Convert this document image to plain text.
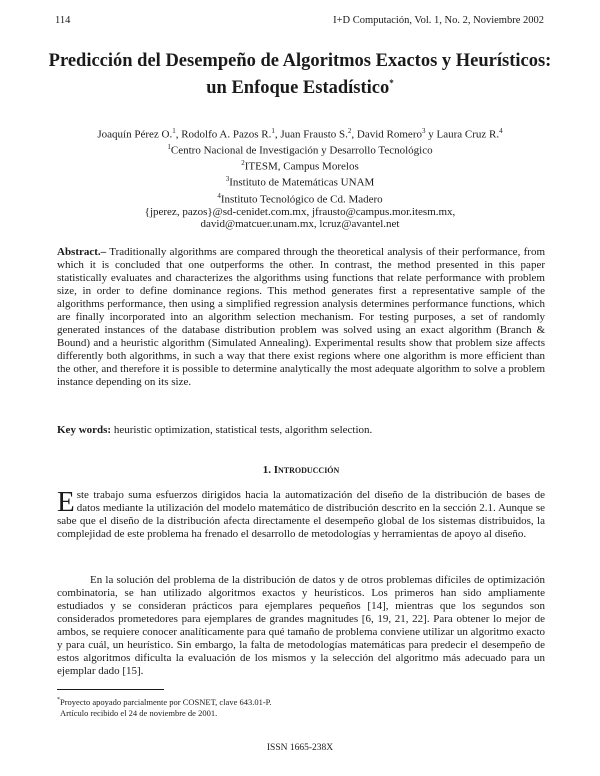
114	I+D Computación, Vol. 1, No. 2, Noviembre 2002
Predicción del Desempeño de Algoritmos Exactos y Heurísticos:
un Enfoque Estadístico*
Joaquín Pérez O.$^1$, Rodolfo A. Pazos R.$^1$, Juan Frausto S.$^2$, David Romero$^3$ y Laura Cruz R.$^4$
$^1$Centro Nacional de Investigación y Desarrollo Tecnológico
$^2$ITESM, Campus Morelos
$^3$Instituto de Matemáticas UNAM
$^4$Instituto Tecnológico de Cd. Madero
{jperez, pazos}@sd-cenidet.com.mx, jfrausto@campus.mor.itesm.mx,
david@matcuer.unam.mx, lcruz@avantel.net
Abstract.– Traditionally algorithms are compared through the theoretical analysis of their performance, from which it is concluded that one outperforms the other. In contrast, the method presented in this paper statistically evaluates and characterizes the algorithms using functions that relate performance with problem size, in order to define dominance regions. This method generates first a representative sample of the algorithms performance, then using a simplified regression analysis determines performance functions, which are finally incorporated into an algorithm selection mechanism. For testing purposes, a set of randomly generated instances of the database distribution problem was solved using an exact algorithm (Branch & Bound) and a heuristic algorithm (Simulated Annealing). Experimental results show that problem size affects differently both algorithms, in such a way that there exist regions where one algorithm is more efficient than the other, and therefore it is possible to determine analytically the most adequate algorithm to solve a problem instance depending on its size.
Key words: heuristic optimization, statistical tests, algorithm selection.
1. Introducción
Este trabajo suma esfuerzos dirigidos hacia la automatización del diseño de la distribución de bases de datos mediante la utilización del modelo matemático de distribución descrito en la sección 2.1. Aunque se sabe que el diseño de la distribución afecta directamente el desempeño global de los sistemas distribuidos, la complejidad de este problema ha frenado el desarrollo de metodologías y herramientas de apoyo al diseño.
En la solución del problema de la distribución de datos y de otros problemas difíciles de optimización combinatoria, se han utilizado algoritmos exactos y heurísticos. Los primeros han sido ampliamente estudiados y se consideran prácticos para ejemplares pequeños [14], mientras que los segundos son considerados prometedores para ejemplares de grandes magnitudes [6, 19, 21, 22]. Para obtener lo mejor de ambos, se requiere conocer analíticamente para qué tamaño de problema conviene utilizar un algoritmo exacto y para cuál, un heurístico. Sin embargo, la falta de metodologías matemáticas para predecir el desempeño de estos algoritmos dificulta la evaluación de los mismos y la selección del algoritmo más adecuado para un ejemplar dado [15].
*Proyecto apoyado parcialmente por COSNET, clave 643.01-P.
Artículo recibido el 24 de noviembre de 2001.
ISSN 1665-238X
